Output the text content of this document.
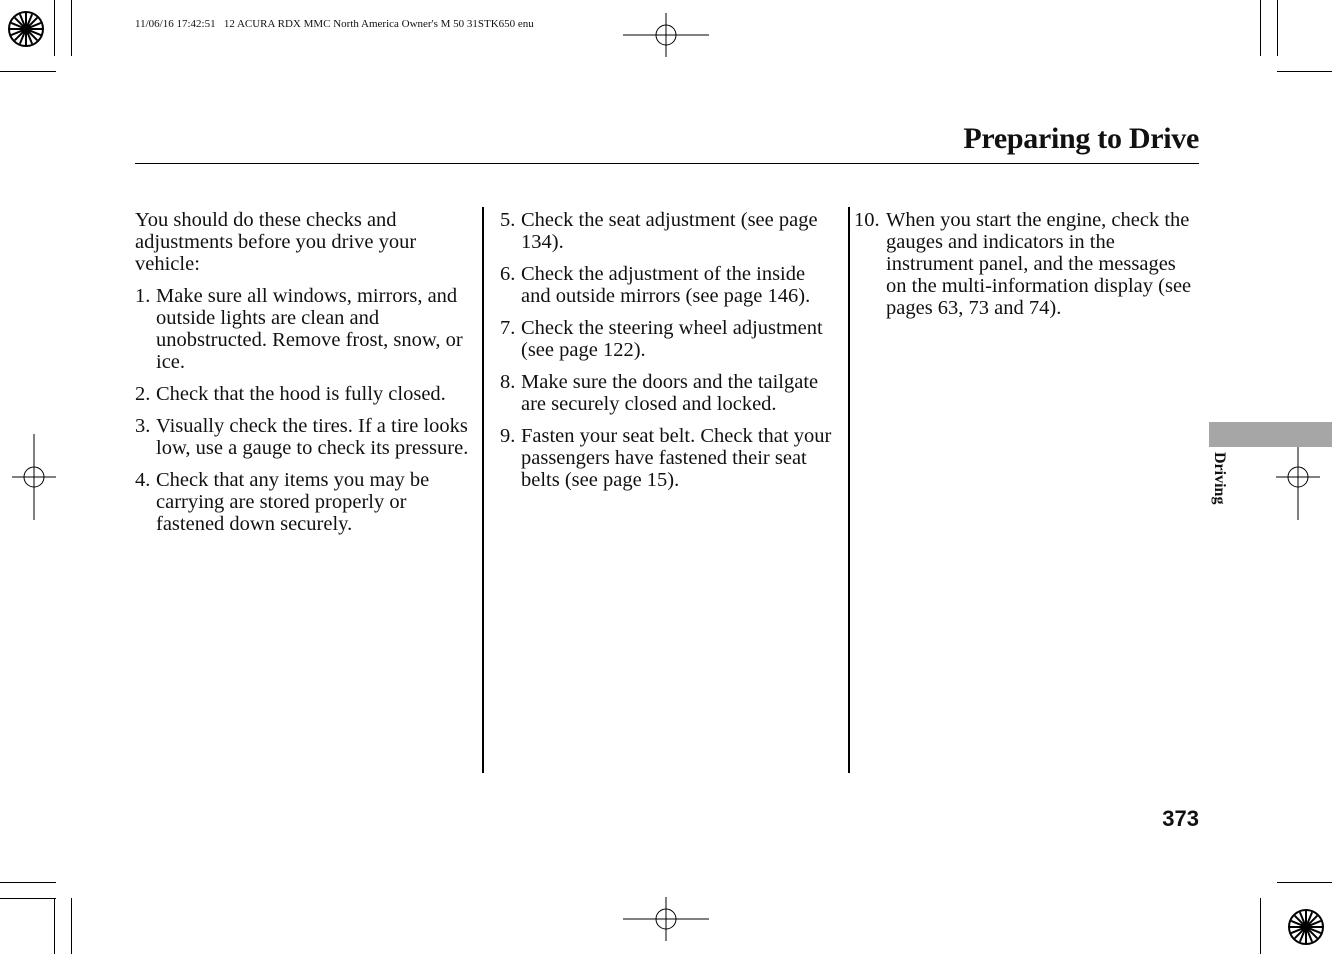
11/06/16 17:42:51   12 ACURA RDX MMC North America Owner's M 50 31STK650 enu
Preparing to Drive

You should do these checks and adjustments before you drive your vehicle:

1. Make sure all windows, mirrors, and outside lights are clean and unobstructed. Remove frost, snow, or ice.
2. Check that the hood is fully closed.
3. Visually check the tires. If a tire looks low, use a gauge to check its pressure.
4. Check that any items you may be carrying are stored properly or fastened down securely.
5. Check the seat adjustment (see page 134).
6. Check the adjustment of the inside and outside mirrors (see page 146).
7. Check the steering wheel adjustment (see page 122).
8. Make sure the doors and the tailgate are securely closed and locked.
9. Fasten your seat belt. Check that your passengers have fastened their seat belts (see page 15).
10. When you start the engine, check the gauges and indicators in the instrument panel, and the messages on the multi-information display (see pages 63, 73 and 74).
Driving
373
